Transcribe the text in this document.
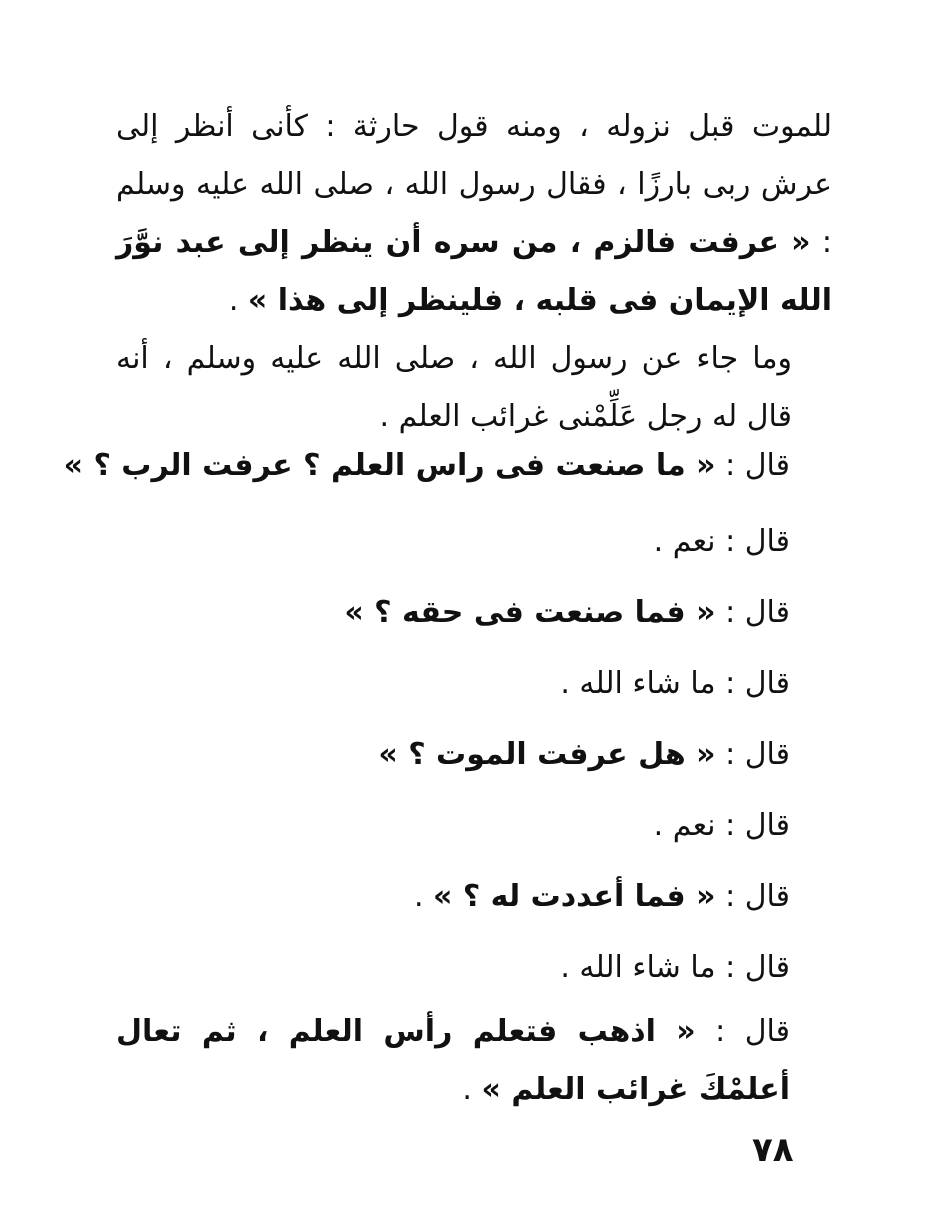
للموت قبل نزوله ، ومنه قول حارثة : كأنى أنظر إلى عرش ربى بارزًا ، فقال رسول الله ، صلى الله عليه وسلم : « عرفت فالزم ، من سره أن ينظر إلى عبد نوَّرَ الله الإيمان فى قلبه ، فلينظر إلى هذا » .

وما جاء عن رسول الله ، صلى الله عليه وسلم ، أنه قال له رجل عَلِّمْنى غرائب العلم .

قال : « ما صنعت فى راس العلم ؟ عرفت الرب ؟ »
قال : نعم .
قال : « فما صنعت فى حقه ؟ »
قال : ما شاء الله .
قال : « هل عرفت الموت ؟ »
قال : نعم .
قال : « فما أعددت له ؟ » .
قال : ما شاء الله .
قال : « اذهب فتعلم رأس العلم ، ثم تعال أعلمْكَ غرائب العلم » .
٧٨
